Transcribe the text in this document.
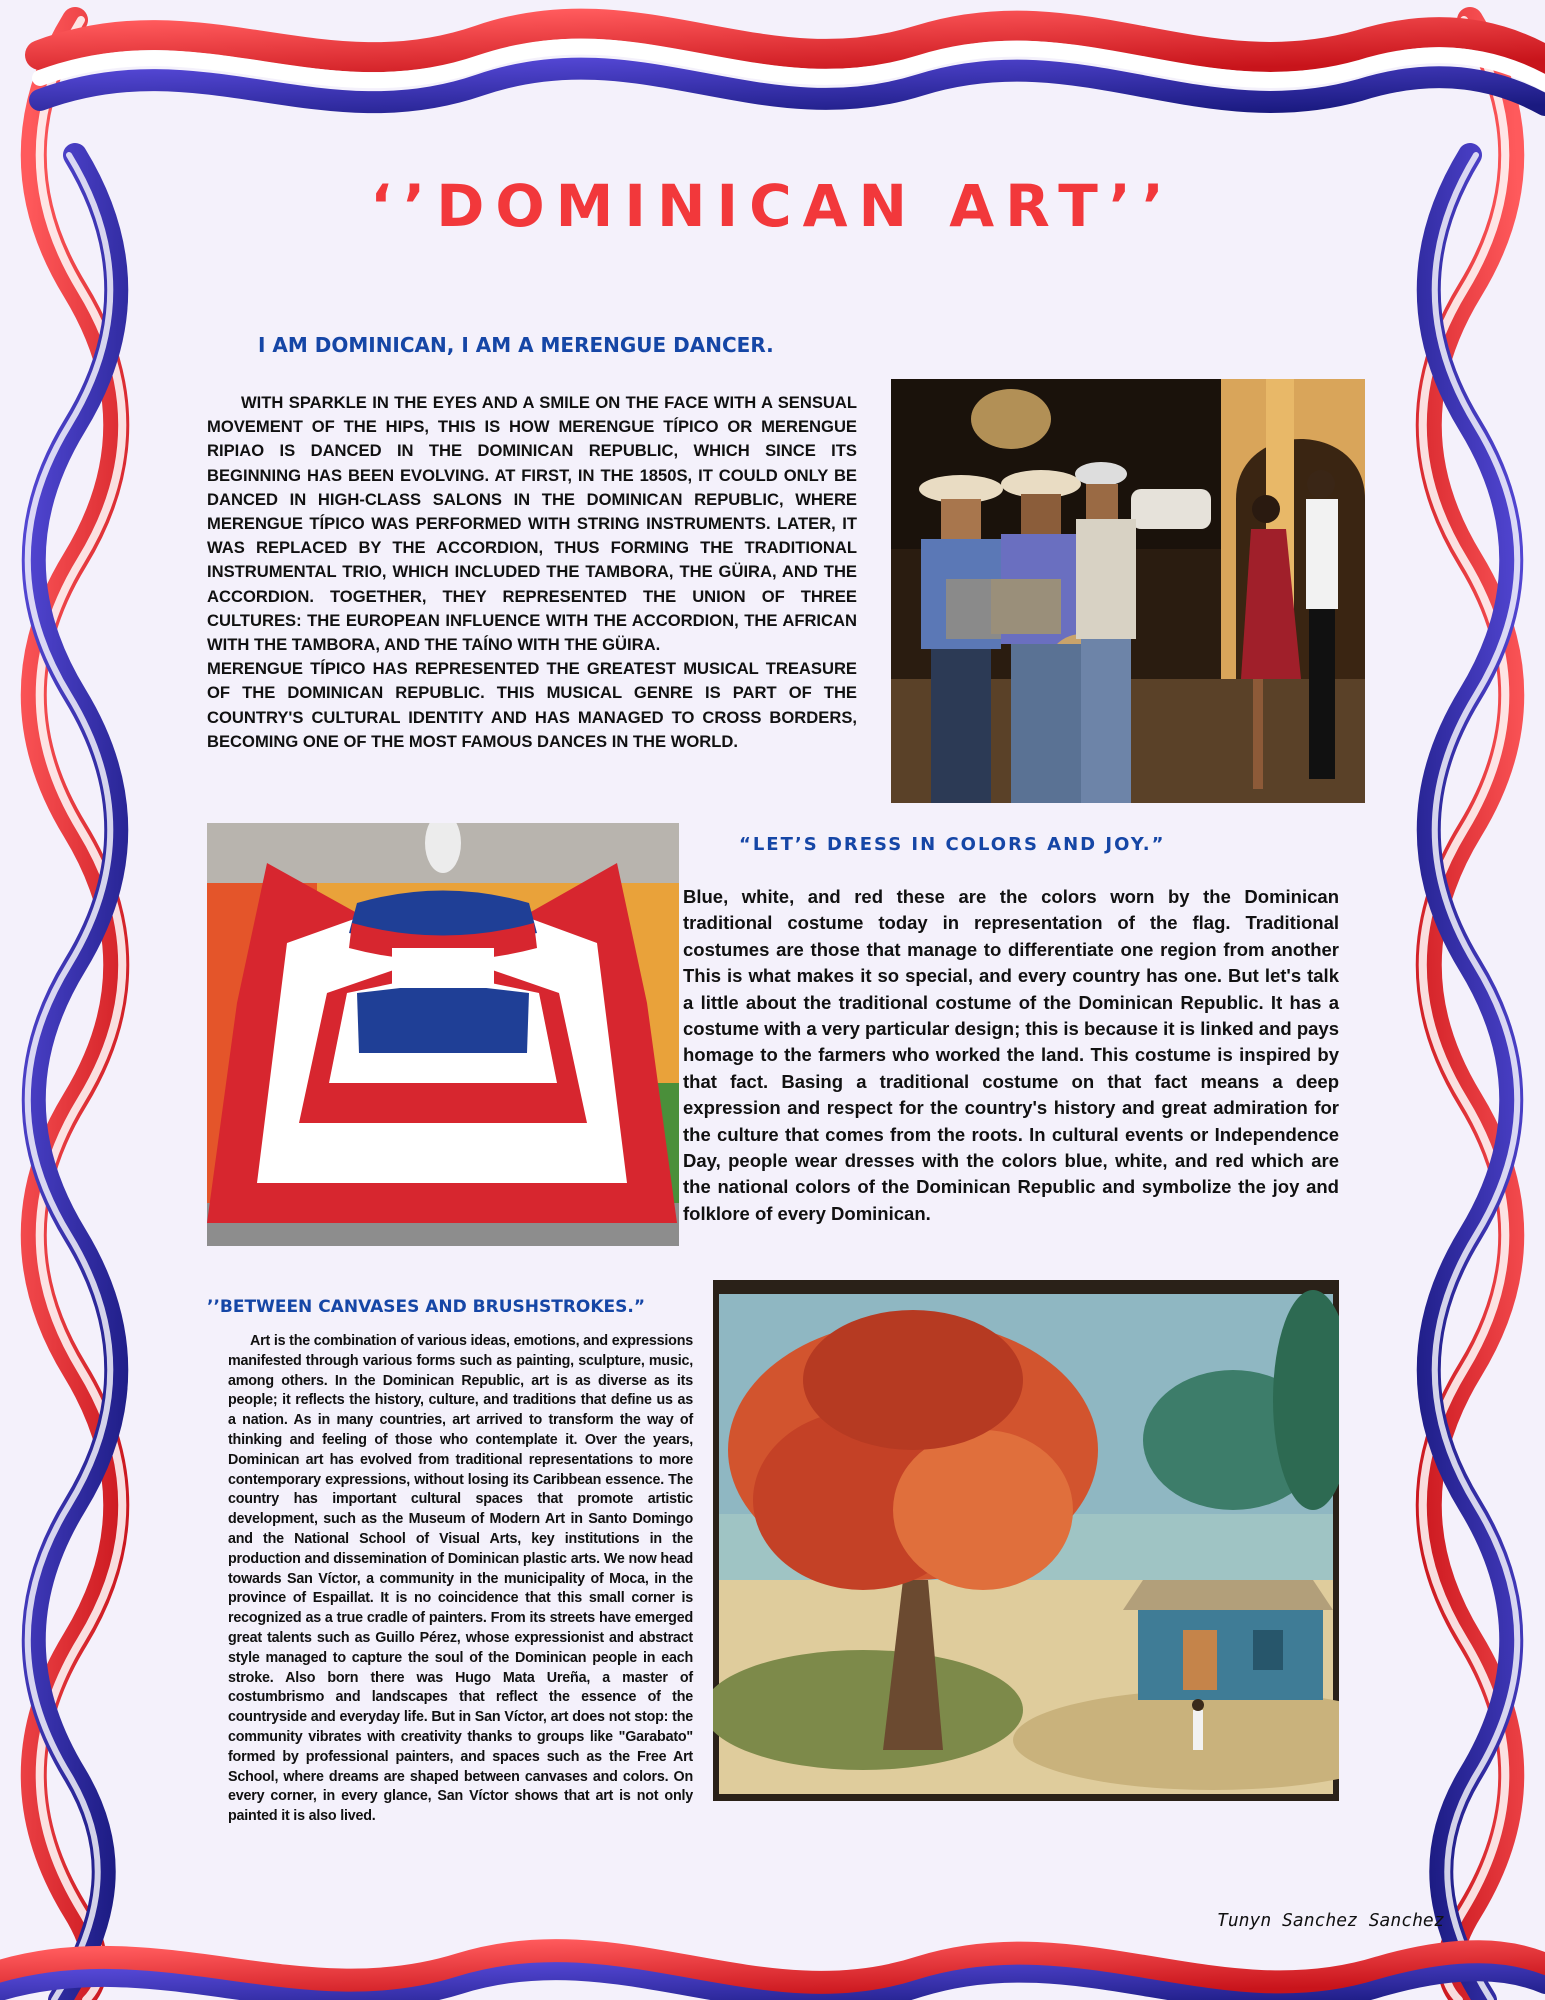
‘’DOMINICAN ART’’
I AM DOMINICAN, I AM A MERENGUE DANCER.

WITH SPARKLE IN THE EYES AND A SMILE ON THE FACE WITH A SENSUAL MOVEMENT OF THE HIPS, THIS IS HOW MERENGUE TÍPICO OR MERENGUE RIPIAO IS DANCED IN THE DOMINICAN REPUBLIC, WHICH SINCE ITS BEGINNING HAS BEEN EVOLVING. AT FIRST, IN THE 1850S, IT COULD ONLY BE DANCED IN HIGH-CLASS SALONS IN THE DOMINICAN REPUBLIC, WHERE MERENGUE TÍPICO WAS PERFORMED WITH STRING INSTRUMENTS. LATER, IT WAS REPLACED BY THE ACCORDION, THUS FORMING THE TRADITIONAL INSTRUMENTAL TRIO, WHICH INCLUDED THE TAMBORA, THE GÜIRA, AND THE ACCORDION. TOGETHER, THEY REPRESENTED THE UNION OF THREE CULTURES: THE EUROPEAN INFLUENCE WITH THE ACCORDION, THE AFRICAN WITH THE TAMBORA, AND THE TAÍNO WITH THE GÜIRA.

MERENGUE TÍPICO HAS REPRESENTED THE GREATEST MUSICAL TREASURE OF THE DOMINICAN REPUBLIC. THIS MUSICAL GENRE IS PART OF THE COUNTRY'S CULTURAL IDENTITY AND HAS MANAGED TO CROSS BORDERS, BECOMING ONE OF THE MOST FAMOUS DANCES IN THE WORLD.

“LET’S DRESS IN COLORS AND JOY.”

Blue, white, and red these are the colors worn by the Dominican traditional costume today in representation of the flag. Traditional costumes are those that manage to differentiate one region from another This is what makes it so special, and every country has one. But let's talk a little about the traditional costume of the Dominican Republic. It has a costume with a very particular design; this is because it is linked and pays homage to the farmers who worked the land. This costume is inspired by that fact. Basing a traditional costume on that fact means a deep expression and respect for the country's history and great admiration for the culture that comes from the roots. In cultural events or Independence Day, people wear dresses with the colors blue, white, and red which are the national colors of the Dominican Republic and symbolize the joy and folklore of every Dominican.

’’BETWEEN CANVASES AND BRUSHSTROKES.”

Art is the combination of various ideas, emotions, and expressions manifested through various forms such as painting, sculpture, music, among others. In the Dominican Republic, art is as diverse as its people; it reflects the history, culture, and traditions that define us as a nation. As in many countries, art arrived to transform the way of thinking and feeling of those who contemplate it. Over the years, Dominican art has evolved from traditional representations to more contemporary expressions, without losing its Caribbean essence. The country has important cultural spaces that promote artistic development, such as the Museum of Modern Art in Santo Domingo and the National School of Visual Arts, key institutions in the production and dissemination of Dominican plastic arts. We now head towards San Víctor, a community in the municipality of Moca, in the province of Espaillat. It is no coincidence that this small corner is recognized as a true cradle of painters. From its streets have emerged great talents such as Guillo Pérez, whose expressionist and abstract style managed to capture the soul of the Dominican people in each stroke. Also born there was Hugo Mata Ureña, a master of costumbrismo and landscapes that reflect the essence of the countryside and everyday life. But in San Víctor, art does not stop: the community vibrates with creativity thanks to groups like "Garabato" formed by professional painters, and spaces such as the Free Art School, where dreams are shaped between canvases and colors. On every corner, in every glance, San Víctor shows that art is not only painted it is also lived.

Tunyn Sanchez Sanchez
